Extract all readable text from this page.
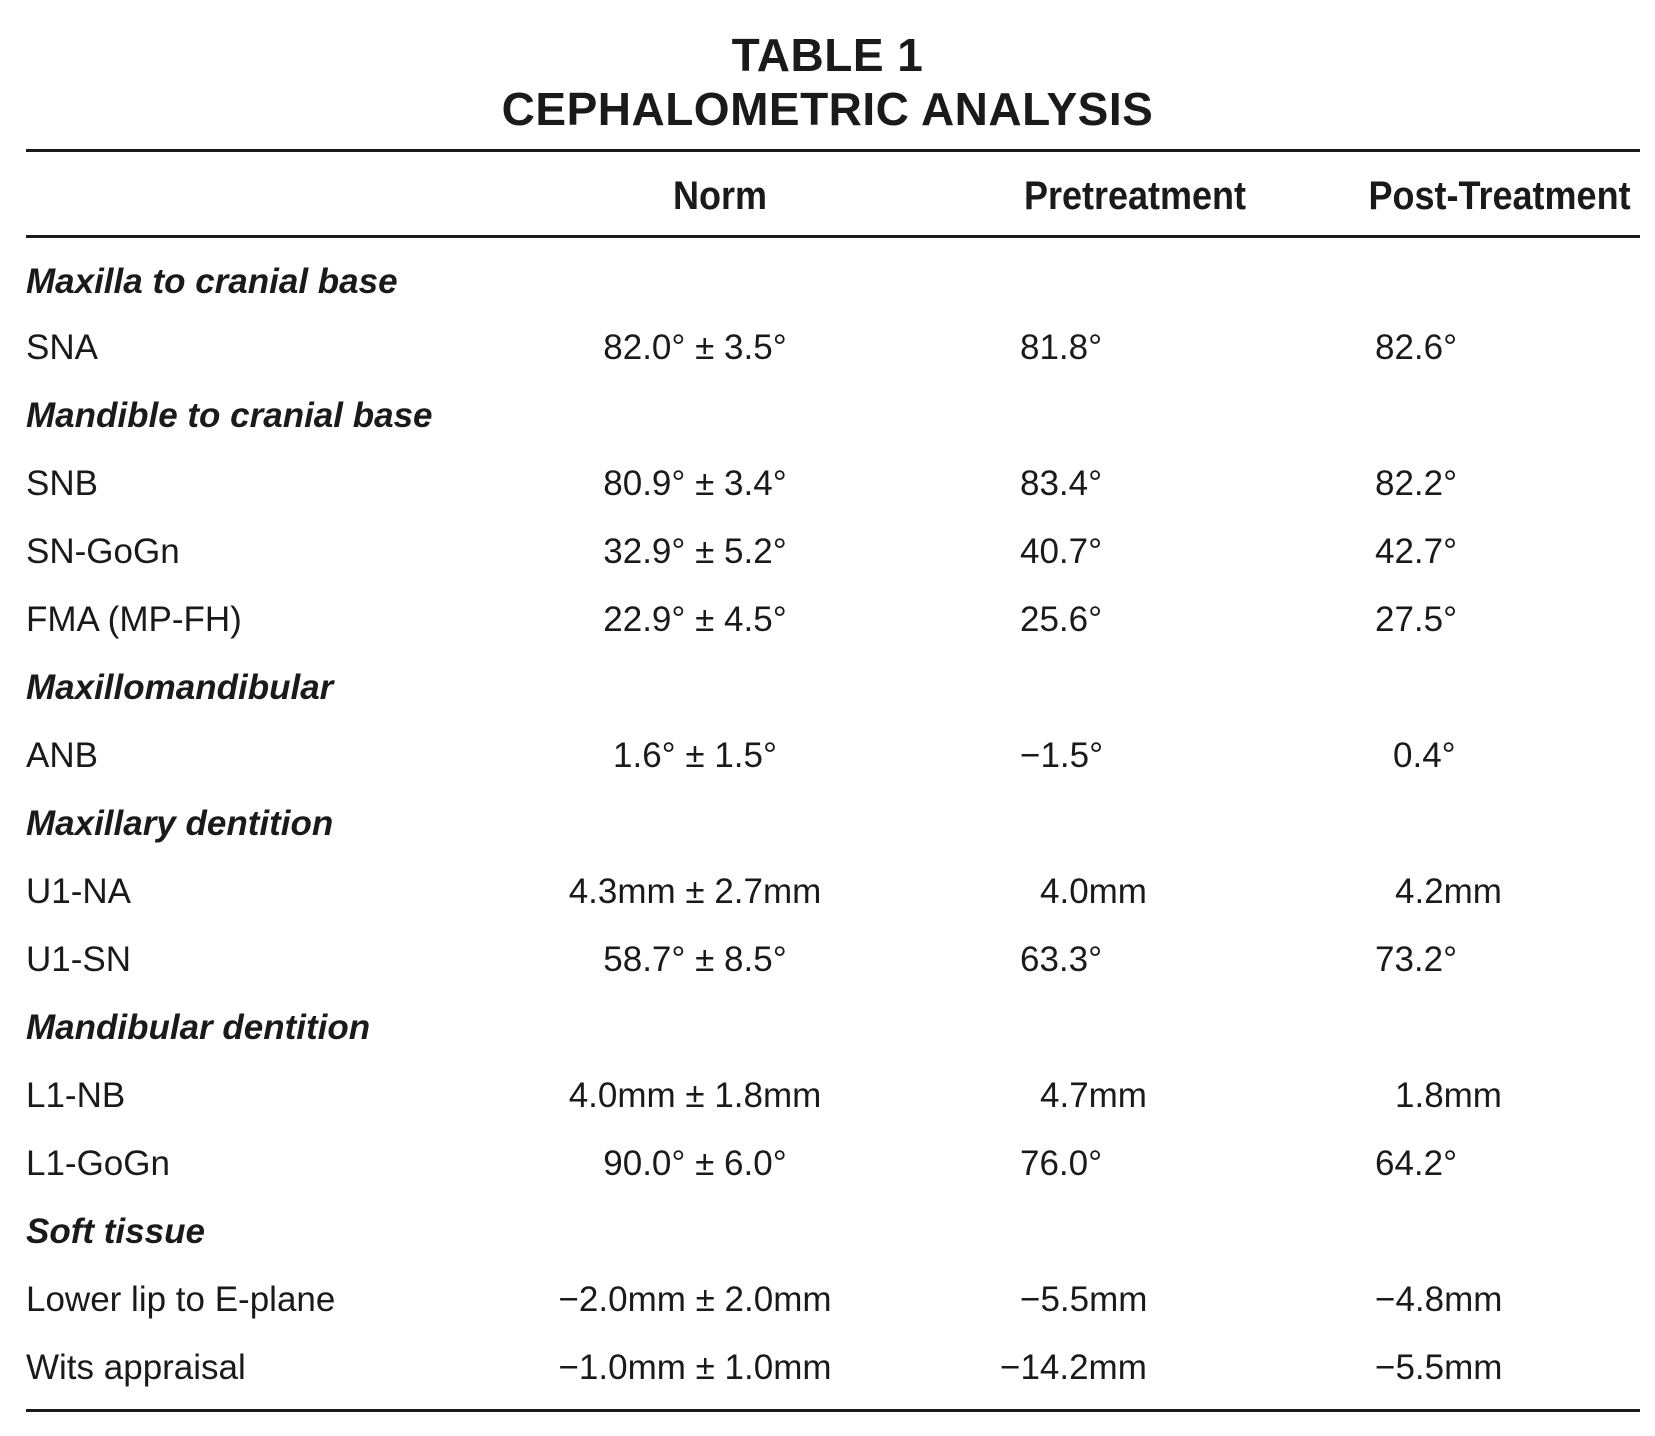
TABLE 1
CEPHALOMETRIC ANALYSIS
Norm	Pretreatment	Post-Treatment
Maxilla to cranial base
SNA	82.0° ± 3.5°	81.8°	82.6°
Mandible to cranial base
SNB	80.9° ± 3.4°	83.4°	82.2°
SN-GoGn	32.9° ± 5.2°	40.7°	42.7°
FMA (MP-FH)	22.9° ± 4.5°	25.6°	27.5°
Maxillomandibular
ANB	1.6° ± 1.5°	−1.5°	0.4°
Maxillary dentition
U1-NA	4.3mm ± 2.7mm	4.0mm	4.2mm
U1-SN	58.7° ± 8.5°	63.3°	73.2°
Mandibular dentition
L1-NB	4.0mm ± 1.8mm	4.7mm	1.8mm
L1-GoGn	90.0° ± 6.0°	76.0°	64.2°
Soft tissue
Lower lip to E-plane	−2.0mm ± 2.0mm	−5.5mm	−4.8mm
Wits appraisal	−1.0mm ± 1.0mm	−14.2mm	−5.5mm
